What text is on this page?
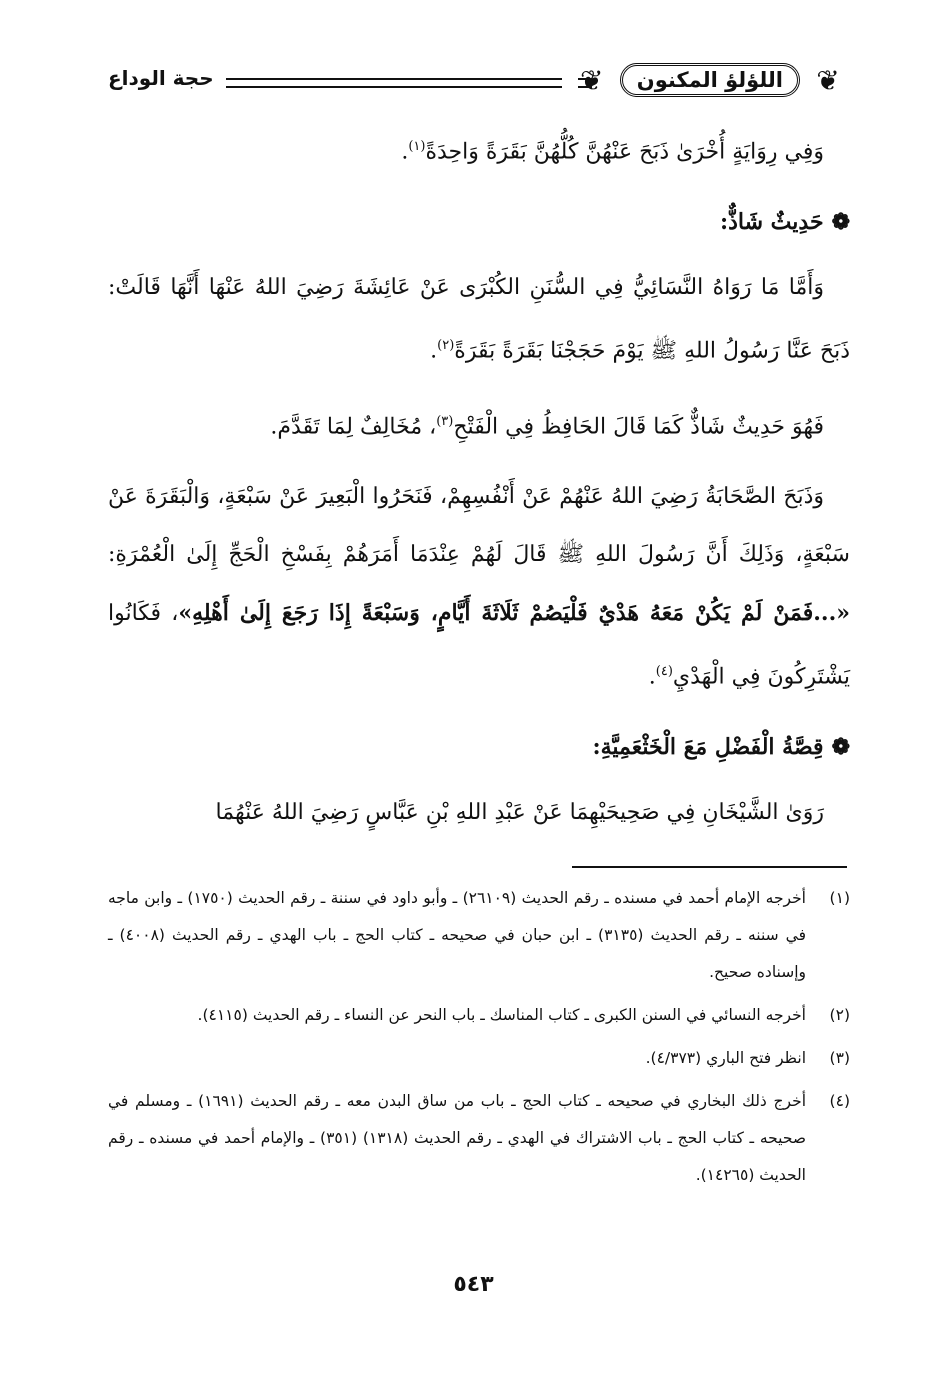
❦
اللؤلؤ المكنون
❦
حجة الوداع

وَفِي رِوَايَةٍ أُخْرَىٰ ذَبَحَ عَنْهُنَّ كُلُّهُنَّ بَقَرَةً وَاحِدَةً$^{(١)}$.

❁
حَدِيثٌ شَاذٌّ:

وَأَمَّا مَا رَوَاهُ النَّسَائِيُّ فِي السُّنَنِ الكُبْرَى عَنْ عَائِشَةَ رَضِيَ اللهُ عَنْهَا أَنَّهَا قَالَتْ: ذَبَحَ عَنَّا رَسُولُ اللهِ ﷺ يَوْمَ حَجَجْنَا بَقَرَةً بَقَرَةً$^{(٢)}$.

فَهُوَ حَدِيثٌ شَاذٌّ كَمَا قَالَ الحَافِظُ فِي الْفَتْحِ$^{(٣)}$، مُخَالِفٌ لِمَا تَقَدَّمَ.

وَذَبَحَ الصَّحَابَةُ رَضِيَ اللهُ عَنْهُمْ عَنْ أَنْفُسِهِمْ، فَنَحَرُوا الْبَعِيرَ عَنْ سَبْعَةٍ، وَالْبَقَرَةَ عَنْ سَبْعَةٍ، وَذَلِكَ أَنَّ رَسُولَ اللهِ ﷺ قَالَ لَهُمْ عِنْدَمَا أَمَرَهُمْ بِفَسْخِ الْحَجِّ إِلَىٰ الْعُمْرَةِ: «...فَمَنْ لَمْ يَكُنْ مَعَهُ هَدْيٌ فَلْيَصُمْ ثَلَاثَةَ أَيَّامٍ، وَسَبْعَةً إِذَا رَجَعَ إِلَىٰ أَهْلِهِ»، فَكَانُوا يَشْتَرِكُونَ فِي الْهَدْيِ$^{(٤)}$.

❁
قِصَّةُ الْفَضْلِ مَعَ الْخَثْعَمِيَّةِ:

رَوَىٰ الشَّيْخَانِ فِي صَحِيحَيْهِمَا عَنْ عَبْدِ اللهِ بْنِ عَبَّاسٍ رَضِيَ اللهُ عَنْهُمَا

(١)
أخرجه الإمام أحمد في مسنده ـ رقم الحديث (٢٦١٠٩) ـ وأبو داود في سننة ـ رقم الحديث (١٧٥٠) ـ وابن ماجه في سننه ـ رقم الحديث (٣١٣٥) ـ ابن حبان في صحيحه ـ كتاب الحج ـ باب الهدي ـ رقم الحديث (٤٠٠٨) ـ وإسناده صحيح.
(٢)
أخرجه النسائي في السنن الكبرى ـ كتاب المناسك ـ باب النحر عن النساء ـ رقم الحديث (٤١١٥).
(٣)
انظر فتح الباري (٤/٣٧٣).
(٤)
أخرج ذلك البخاري في صحيحه ـ كتاب الحج ـ باب من ساق البدن معه ـ رقم الحديث (١٦٩١) ـ ومسلم في صحيحه ـ كتاب الحج ـ باب الاشتراك في الهدي ـ رقم الحديث (١٣١٨) (٣٥١) ـ والإمام أحمد في مسنده ـ رقم الحديث (١٤٢٦٥).
٥٤٣
